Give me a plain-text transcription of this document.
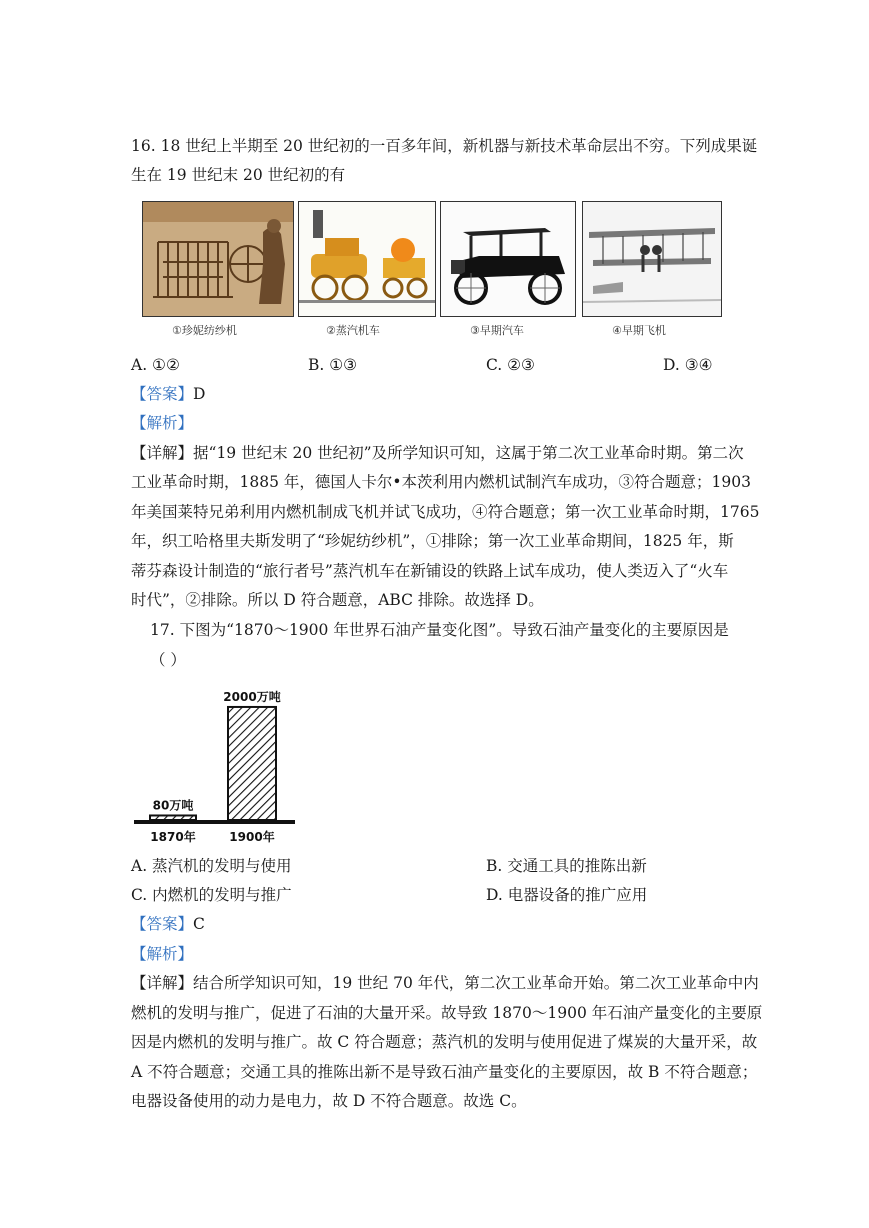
16. 18 世纪上半期至 20 世纪初的一百多年间，新机器与新技术革命层出不穷。下列成果诞
生在 19 世纪末 20 世纪初的有
①珍妮纺纱机	②蒸汽机车	③早期汽车	④早期飞机
A. ①②	B. ①③	C. ②③	D. ③④
【答案】D
【解析】
【详解】据“19 世纪末 20 世纪初”及所学知识可知，这属于第二次工业革命时期。第二次
工业革命时期，1885 年，德国人卡尔•本茨利用内燃机试制汽车成功，③符合题意；1903
年美国莱特兄弟利用内燃机制成飞机并试飞成功，④符合题意；第一次工业革命时期，1765
年，织工哈格里夫斯发明了“珍妮纺纱机”，①排除；第一次工业革命期间，1825 年，斯
蒂芬森设计制造的“旅行者号”蒸汽机车在新铺设的铁路上试车成功，使人类迈入了“火车
时代”，②排除。所以 D 符合题意，ABC 排除。故选择 D。
17. 下图为“1870～1900 年世界石油产量变化图”。导致石油产量变化的主要原因是
（ ）
80万吨
1870年
2000万吨
1900年
A. 蒸汽机的发明与使用	B. 交通工具的推陈出新
C. 内燃机的发明与推广	D. 电器设备的推广应用
【答案】C
【解析】
【详解】结合所学知识可知，19 世纪 70 年代，第二次工业革命开始。第二次工业革命中内
燃机的发明与推广，促进了石油的大量开采。故导致 1870～1900 年石油产量变化的主要原
因是内燃机的发明与推广。故 C 符合题意；蒸汽机的发明与使用促进了煤炭的大量开采，故
A 不符合题意；交通工具的推陈出新不是导致石油产量变化的主要原因，故 B 不符合题意；
电器设备使用的动力是电力，故 D 不符合题意。故选 C。
